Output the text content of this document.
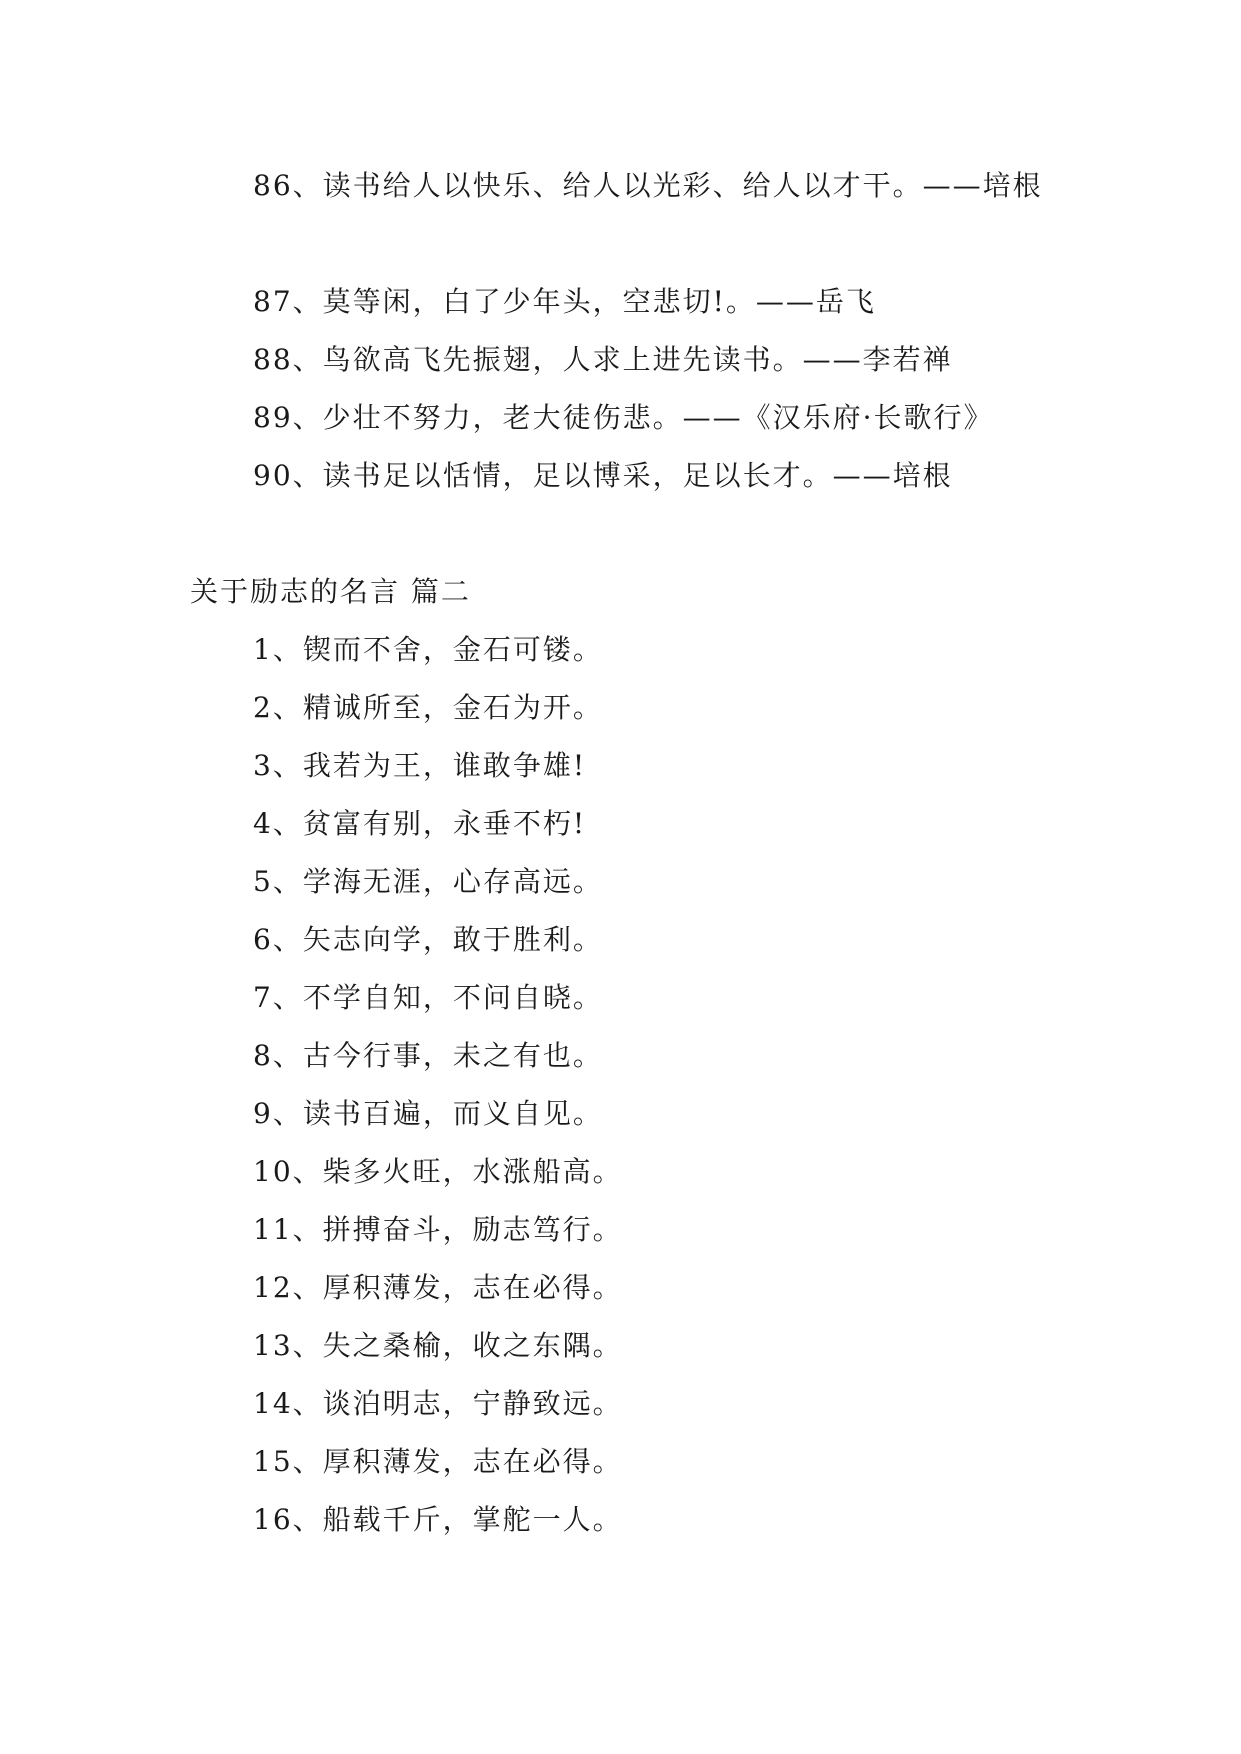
86、读书给人以快乐、给人以光彩、给人以才干。——培根
87、莫等闲，白了少年头，空悲切!。——岳飞
88、鸟欲高飞先振翅，人求上进先读书。——李若禅
89、少壮不努力，老大徒伤悲。——《汉乐府·长歌行》
90、读书足以恬情，足以博采，足以长才。——培根
关于励志的名言 篇二
1、锲而不舍，金石可镂。
2、精诚所至，金石为开。
3、我若为王，谁敢争雄!
4、贫富有别，永垂不朽!
5、学海无涯，心存高远。
6、矢志向学，敢于胜利。
7、不学自知，不问自晓。
8、古今行事，未之有也。
9、读书百遍，而义自见。
10、柴多火旺，水涨船高。
11、拼搏奋斗，励志笃行。
12、厚积薄发，志在必得。
13、失之桑榆，收之东隅。
14、谈泊明志，宁静致远。
15、厚积薄发，志在必得。
16、船载千斤，掌舵一人。
